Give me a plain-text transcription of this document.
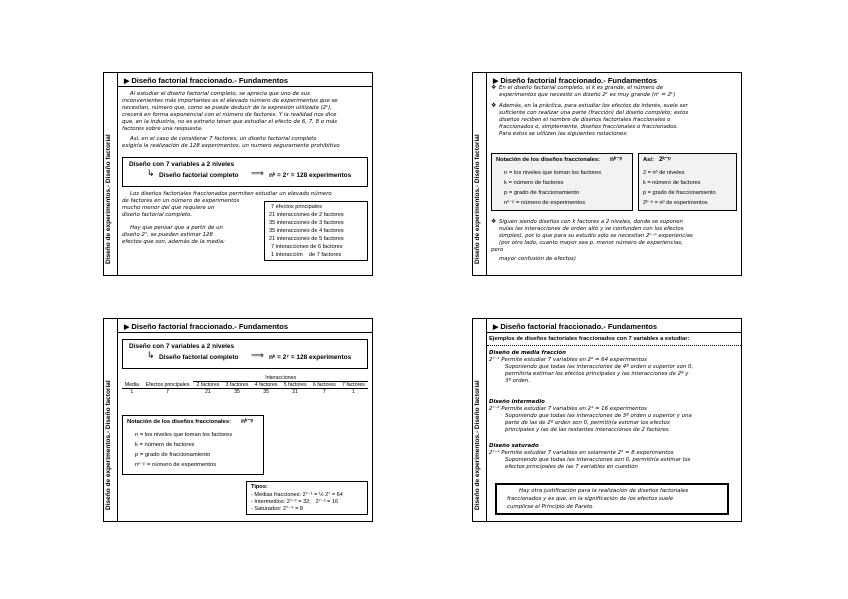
Diseño de experimentos.- Diseño factorial
▶ Diseño factorial fraccionado.- Fundamentos
Al estudiar el diseño factorial completo, se aprecia que uno de sus
inconvenientes más importantes es el elevado número de experimentos que se
necesitan, número que, como se puede deducir de la expresión utilizada (2ᵏ),
crecerá en forma exponencial con el número de factores. Y la realidad nos dice
que, en la industria, no es extraño tener que estudiar el efecto de 6, 7, 8 o más
factores sobre una respuesta.
Así, en el caso de considerar 7 factores, un diseño factorial completo
exigiría la realización de 128 experimentos, un numero seguramente prohibitivo
Diseño con 7 variables a 2 niveles
↳ Diseño factorial completo ⟹ nᵏ = 2⁷ = 128 experimentos
Los diseños factoriales fraccionados permiten estudiar un elevado número
de factores en un número de experimentos
mucho menor del que requiere un
diseño factorial completo.
Hay que pensar que a partir de un
diseño 2⁷, se pueden estimar 128
efectos que son, además de la media:
7 efectos principales
21 interacciones de 2 factores
35 interacciones de 3 factores
35 interacciones de 4 factores
21 interacciones de 5 factores
7 interacciones de 6 factores
1 interacción    de 7 factores	Diseño de experimentos.- Diseño factorial
▶ Diseño factorial fraccionado.- Fundamentos
❖ En el diseño factorial completo, si k es grande, el número de
experimentos que necesito un diseño 2ᵏ es muy grande (nᵏ = 2ᵏ)
❖ Además, en la práctica, para estudiar los efectos de interés, suele ser
suficiente con realizar una parte (fracción) del diseño completo; estos
diseños reciben el nombre de diseños factoriales fraccionales o
fraccionados o, simplemente, diseños fraccionales o fraccionados.
Para estos se utilizan las siguientes notaciones:
Notación de los diseños fraccionales: nᵏ⁻ᵖ
n = los niveles que toman los factores
k = número de factores
p = grado de fraccionamiento
nᵏ⁻ᵖ = número de experimentos
Así: 2ᵏ⁻ᵖ
2 = nº de niveles
k = número de factores
p = grado de fraccionamiento
2ᵏ⁻ᵖ = nº de experimentos
❖ Siguen siendo diseños con k factores a 2 niveles, donde se suponen
nulas las interacciones de orden alto y se confunden con los efectos
simples), por lo que para su estudio sólo se necesitan 2ᵏ⁻ᵖ experiencias
(por otro lado, cuanto mayor sea p, menor número de experiencias,
pero
mayor confusión de efectos)
Diseño de experimentos.- Diseño factorial
▶ Diseño factorial fraccionado.- Fundamentos
Diseño con 7 variables a 2 niveles
↳ Diseño factorial completo ⟹ nᵏ = 2⁷ = 128 experimentos
		Interacciones					
Media	Efectos principales	2 factores	3 factores	4 factores	5 factores	6 factores	7 factores
1	7	21	35	35	21	7	1
Notación de los diseños fraccionales: nᵏ⁻ᵖ
n = los niveles que toman los factores
k = número de factores
p = grado de fraccionamiento
nᵏ⁻ᵖ = número de experimentos
Tipos:
- Medias fracciones: 2⁷⁻¹ = ½ 2⁷ = 64
- Intermedios: 2⁷⁻² = 32;   2⁷⁻³ = 16
- Saturados: 2⁷⁻⁴ = 8	Diseño de experimentos.- Diseño factorial
▶ Diseño factorial fraccionado.- Fundamentos
Ejemplos de diseños factoriales fraccionados con 7 variables a estudiar:
Diseño de media fracción
2⁷⁻¹ Permite estudiar 7 variables en 2⁶ = 64 experimentos
Suponiendo que todas las interacciones de 4º orden o superior son 0,
permitiría estimar los efectos principales y las interacciones de 2º y
3º orden.
Diseño intermedio
2⁷⁻³ Permite estudiar 7 variables en 2⁴ = 16 experimentos
Suponiendo que todas las interacciones de 3º orden o superior y una
parte de las de 2º orden son 0, permitiría estimar los efectos
principales y las de las restantes interacciones de 2 factores.
Diseño saturado
2⁷⁻⁴ Permite estudiar 7 variables en solamente 2³ = 8 experimentos
Suponiendo que todas las interacciones son 0, permitiría estimar los
efectos principales de las 7 variables en cuestión
Hay otra justificación para la realización de diseños factoriales
fraccionados y es que, en la significación de los efectos suele
cumplirse el Principio de Pareto.
